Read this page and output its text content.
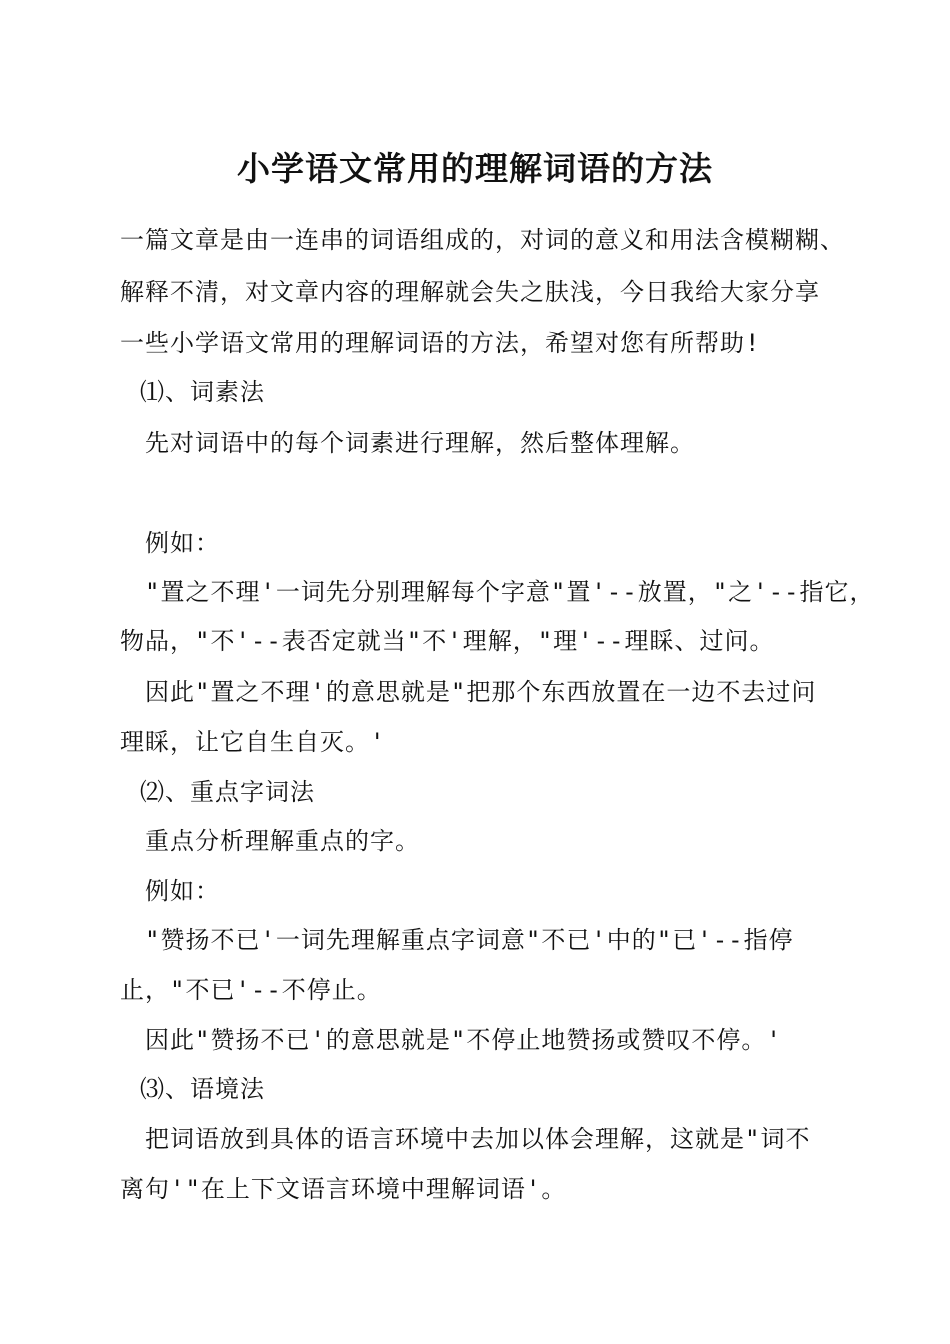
小学语文常用的理解词语的方法
一篇文章是由一连串的词语组成的，对词的意义和用法含模糊糊、
解释不清，对文章内容的理解就会失之肤浅，今日我给大家分享
一些小学语文常用的理解词语的方法，希望对您有所帮助!
⑴、词素法
先对词语中的每个词素进行理解，然后整体理解。
例如：
"置之不理'一词先分别理解每个字意"置'--放置，"之'--指它，
物品，"不'--表否定就当"不'理解，"理'--理睬、过问。
因此"置之不理'的意思就是"把那个东西放置在一边不去过问
理睬，让它自生自灭。'
⑵、重点字词法
重点分析理解重点的字。
例如：
"赞扬不已'一词先理解重点字词意"不已'中的"已'--指停
止，"不已'--不停止。
因此"赞扬不已'的意思就是"不停止地赞扬或赞叹不停。'
⑶、语境法
把词语放到具体的语言环境中去加以体会理解，这就是"词不
离句'"在上下文语言环境中理解词语'。
